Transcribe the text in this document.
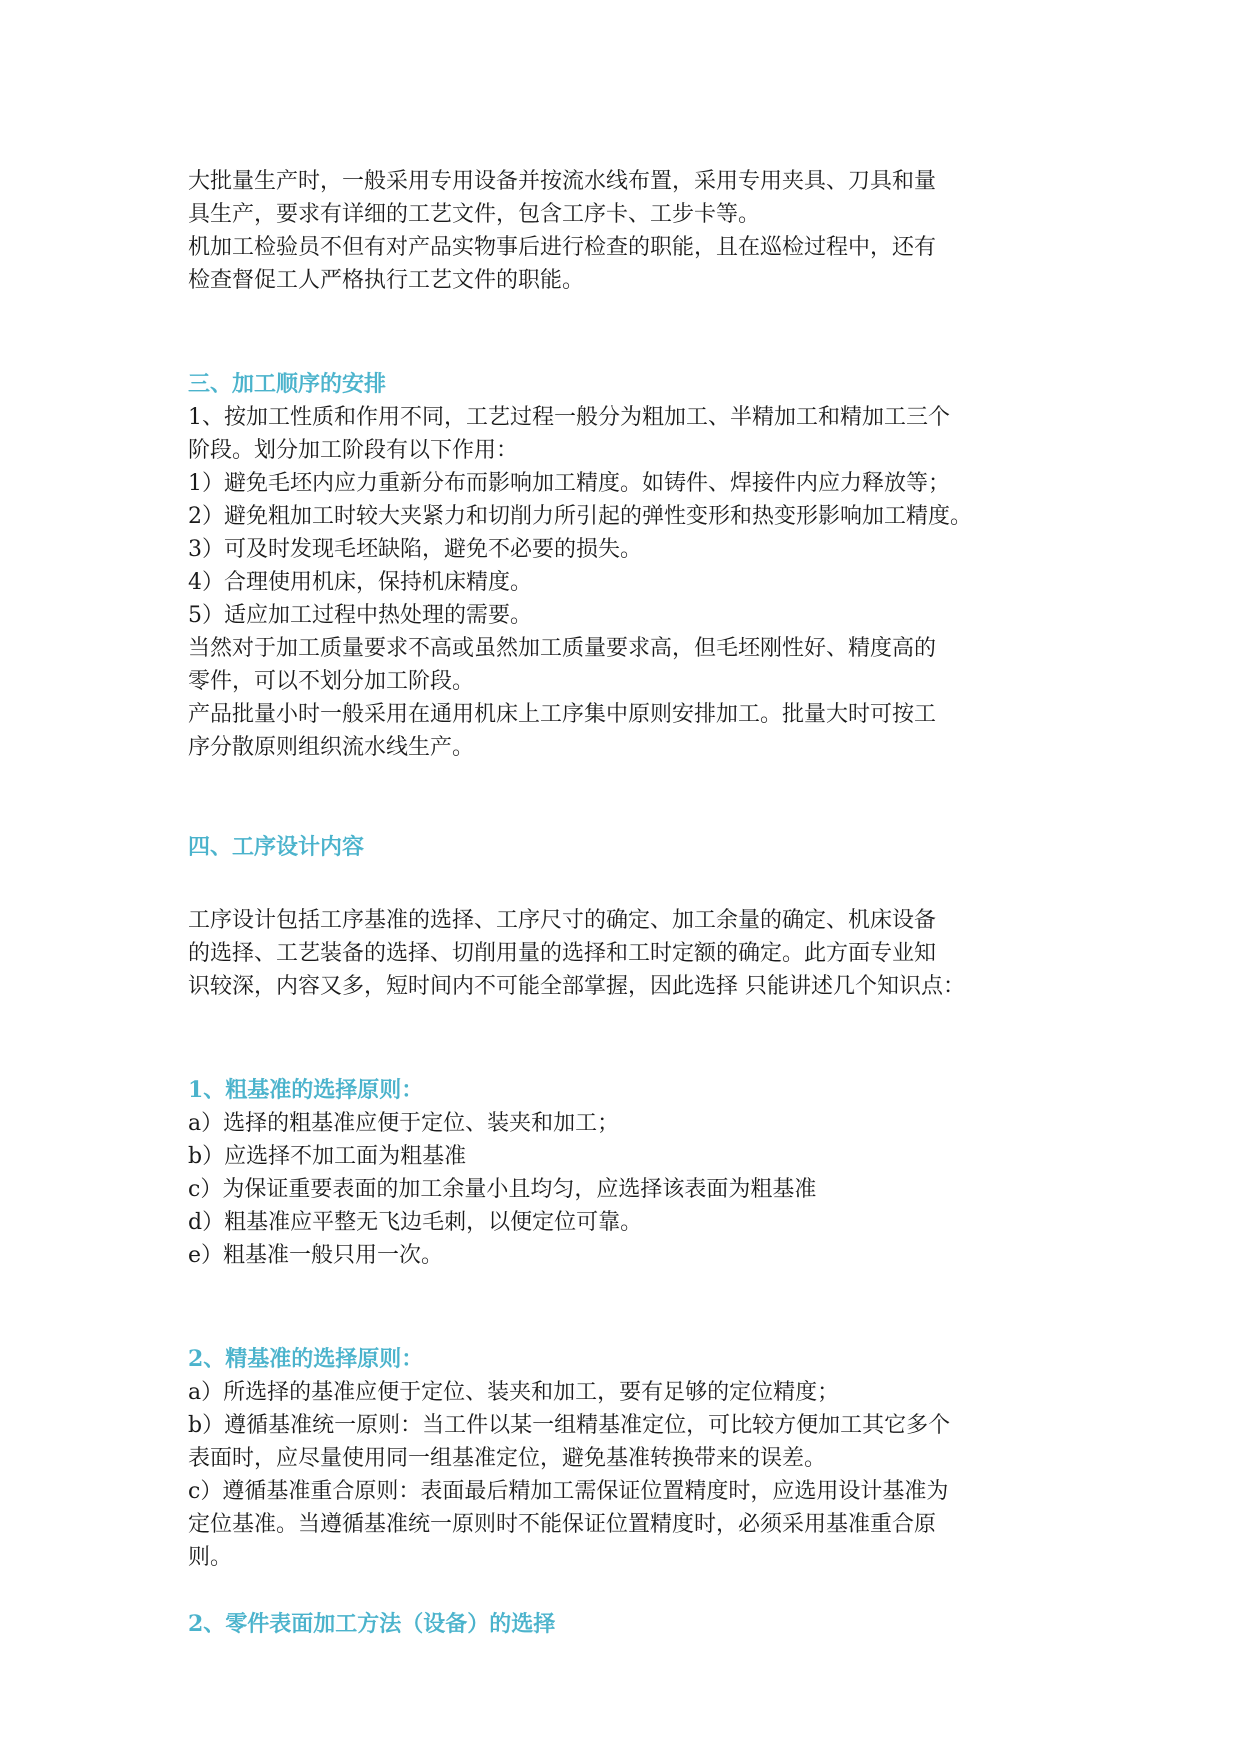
大批量生产时，一般采用专用设备并按流水线布置，采用专用夹具、刀具和量
具生产，要求有详细的工艺文件，包含工序卡、工步卡等。
机加工检验员不但有对产品实物事后进行检查的职能，且在巡检过程中，还有
检查督促工人严格执行工艺文件的职能。
三、加工顺序的安排
1、按加工性质和作用不同，工艺过程一般分为粗加工、半精加工和精加工三个
阶段。划分加工阶段有以下作用：
1）避免毛坯内应力重新分布而影响加工精度。如铸件、焊接件内应力释放等；
2）避免粗加工时较大夹紧力和切削力所引起的弹性变形和热变形影响加工精度。
3）可及时发现毛坯缺陷，避免不必要的损失。
4）合理使用机床，保持机床精度。
5）适应加工过程中热处理的需要。
当然对于加工质量要求不高或虽然加工质量要求高，但毛坯刚性好、精度高的
零件，可以不划分加工阶段。
产品批量小时一般采用在通用机床上工序集中原则安排加工。批量大时可按工
序分散原则组织流水线生产。
四、工序设计内容
工序设计包括工序基准的选择、工序尺寸的确定、加工余量的确定、机床设备
的选择、工艺装备的选择、切削用量的选择和工时定额的确定。此方面专业知
识较深，内容又多，短时间内不可能全部掌握，因此选择 只能讲述几个知识点：
1、粗基准的选择原则：
a）选择的粗基准应便于定位、装夹和加工；
b）应选择不加工面为粗基准
c）为保证重要表面的加工余量小且均匀，应选择该表面为粗基准
d）粗基准应平整无飞边毛刺，以便定位可靠。
e）粗基准一般只用一次。
2、精基准的选择原则：
a）所选择的基准应便于定位、装夹和加工，要有足够的定位精度；
b）遵循基准统一原则：当工件以某一组精基准定位，可比较方便加工其它多个
表面时，应尽量使用同一组基准定位，避免基准转换带来的误差。
c）遵循基准重合原则：表面最后精加工需保证位置精度时，应选用设计基准为
定位基准。当遵循基准统一原则时不能保证位置精度时，必须采用基准重合原
则。
2、零件表面加工方法（设备）的选择
